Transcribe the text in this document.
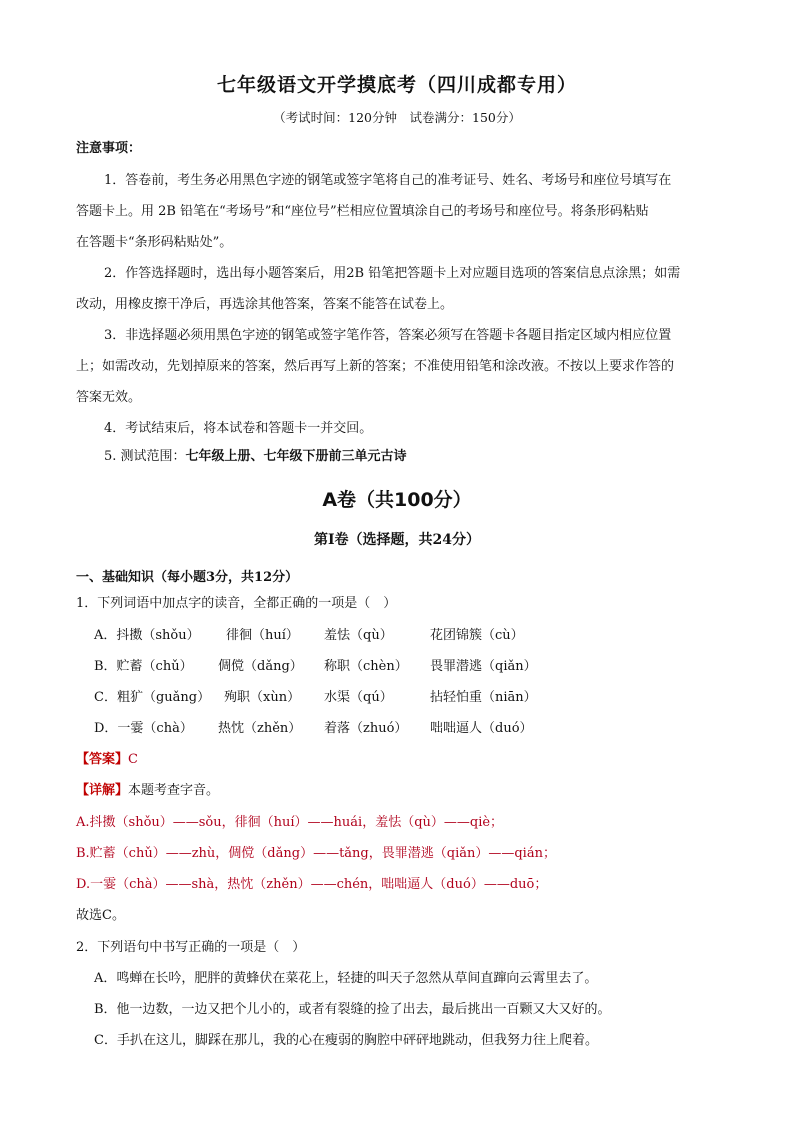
七年级语文开学摸底考（四川成都专用）
（考试时间：120分钟　试卷满分：150分）
注意事项：
1．答卷前，考生务必用黑色字迹的钢笔或签字笔将自己的准考证号、姓名、考场号和座位号填写在
答题卡上。用 2B 铅笔在“考场号”和“座位号”栏相应位置填涂自己的考场号和座位号。将条形码粘贴
在答题卡“条形码粘贴处”。
2．作答选择题时，选出每小题答案后，用2B 铅笔把答题卡上对应题目选项的答案信息点涂黑；如需
改动，用橡皮擦干净后，再选涂其他答案，答案不能答在试卷上。
3．非选择题必须用黑色字迹的钢笔或签字笔作答，答案必须写在答题卡各题目指定区域内相应位置
上；如需改动，先划掉原来的答案，然后再写上新的答案；不准使用铅笔和涂改液。不按以上要求作答的
答案无效。
4．考试结束后，将本试卷和答题卡一并交回。
5. 测试范围：七年级上册、七年级下册前三单元古诗
A卷（共100分）
第I卷（选择题，共24分）
一、基础知识（每小题3分，共12分）
1．下列词语中加点字的读音，全都正确的一项是（　）
A．抖擞（shǒu） 徘徊（huí） 羞怯（qù）	花团锦簇（cù）
B．贮蓄（chǔ） 倜傥（dǎng） 称职（chèn） 畏罪潜逃（qiǎn）
C．粗犷（guǎng） 殉职（xùn） 水渠（qú）	拈轻怕重（niān）
D．一霎（chà） 热忱（zhěn） 着落（zhuó） 咄咄逼人（duó）
【答案】C
【详解】本题考查字音。
A.抖擞（shǒu）——sǒu，徘徊（huí）——huái，羞怯（qù）——qiè；
B.贮蓄（chǔ）——zhù，倜傥（dǎng）——tǎng，畏罪潜逃（qiǎn）——qián；
D.一霎（chà）——shà，热忱（zhěn）——chén，咄咄逼人（duó）——duō；
故选C。
2．下列语句中书写正确的一项是（　）
A．鸣蝉在长吟，肥胖的黄蜂伏在菜花上，轻捷的叫天子忽然从草间直蹿向云霄里去了。
B．他一边数，一边又把个儿小的，或者有裂缝的捡了出去，最后挑出一百颗又大又好的。
C．手扒在这儿，脚踩在那儿，我的心在瘦弱的胸腔中砰砰地跳动，但我努力往上爬着。
